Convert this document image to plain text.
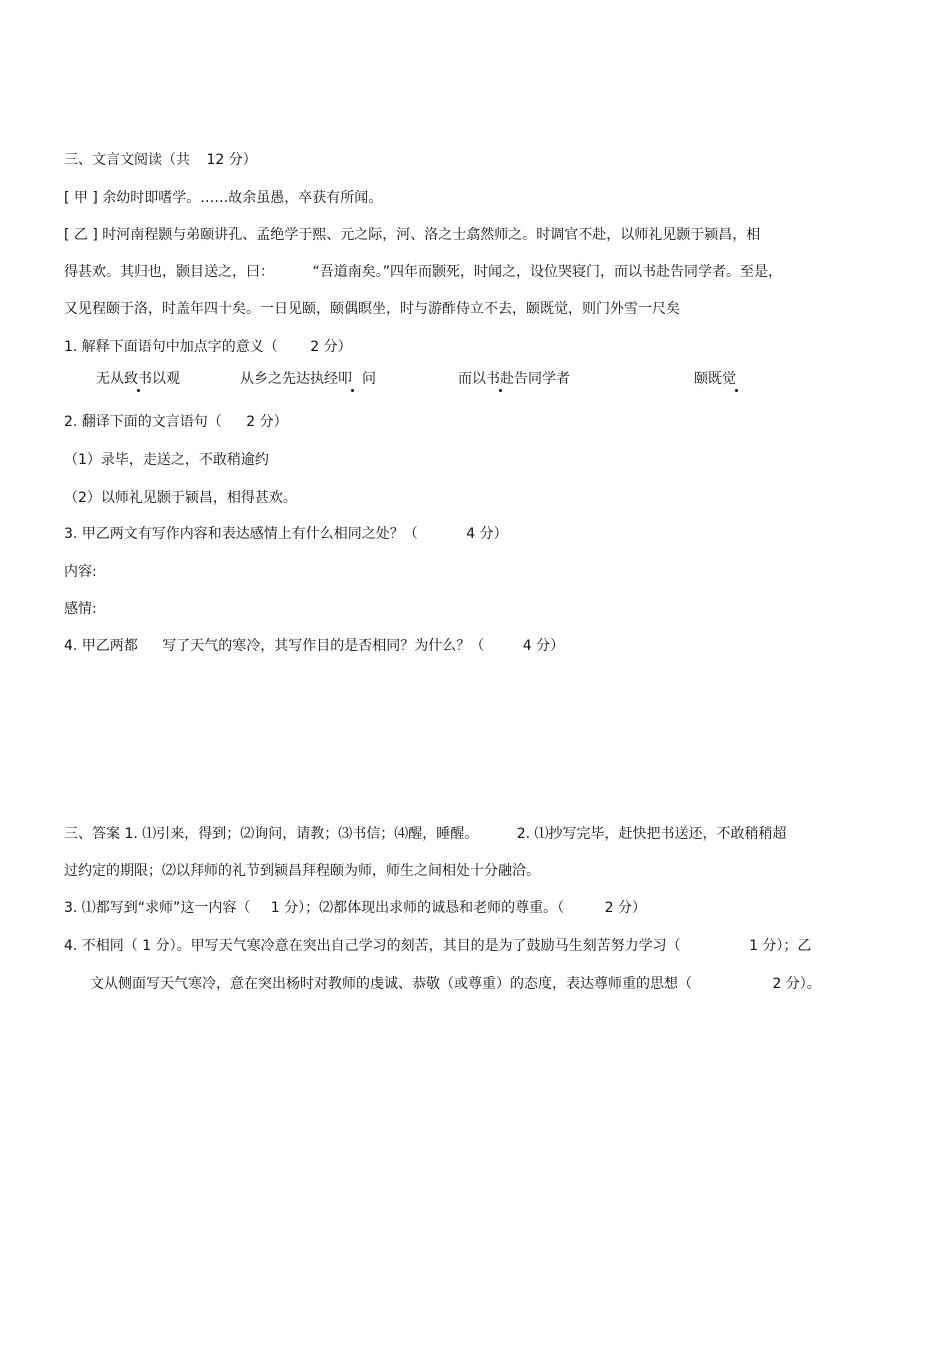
三、文言文阅读（共 12 分）
[ 甲 ] 余幼时即嗜学。……故余虽愚，卒获有所闻。
[ 乙 ] 时河南程颢与弟颐讲孔、孟绝学于熙、元之际，河、洛之士翕然师之。时调官不赴，以师礼见颢于颍昌，相
得甚欢。其归也，颢目送之，曰：	“吾道南矣。”四年而颢死，时闻之，设位哭寝门，而以书赴告同学者。至是，
又见程颐于洛，时盖年四十矣。一日见颐，颐偶瞑坐，时与游酢侍立不去，颐既觉，则门外雪一尺矣
1. 解释下面语句中加点字的意义（ 2 分）
无从致书以观	从乡之先达执经叩 问	而以书赴告同学者	颐既觉
2. 翻译下面的文言语句（ 2 分）
（1）录毕，走送之，不敢稍逾约
（2）以师礼见颢于颍昌，相得甚欢。
3. 甲乙两文有写作内容和表达感情上有什么相同之处？（	4 分）
内容:
感情:
4. 甲乙两都 写了天气的寒冷，其写作目的是否相同？为什么？（	4 分）
三、答案 1. ⑴引来，得到；⑵询问，请教；⑶书信；⑷醒，睡醒。	2. ⑴抄写完毕，赶快把书送还，不敢稍稍超
过约定的期限；⑵以拜师的礼节到颍昌拜程颐为师，师生之间相处十分融洽。
3. ⑴都写到“求师”这一内容（ 1 分）；⑵都体现出求师的诚恳和老师的尊重。（	2 分）
4. 不相同（ 1 分）。甲写天气寒冷意在突出自己学习的刻苦，其目的是为了鼓励马生刻苦努力学习（	1 分）；乙
文从侧面写天气寒冷，意在突出杨时对教师的虔诚、恭敬（或尊重）的态度，表达尊师重的思想（	2 分）。
